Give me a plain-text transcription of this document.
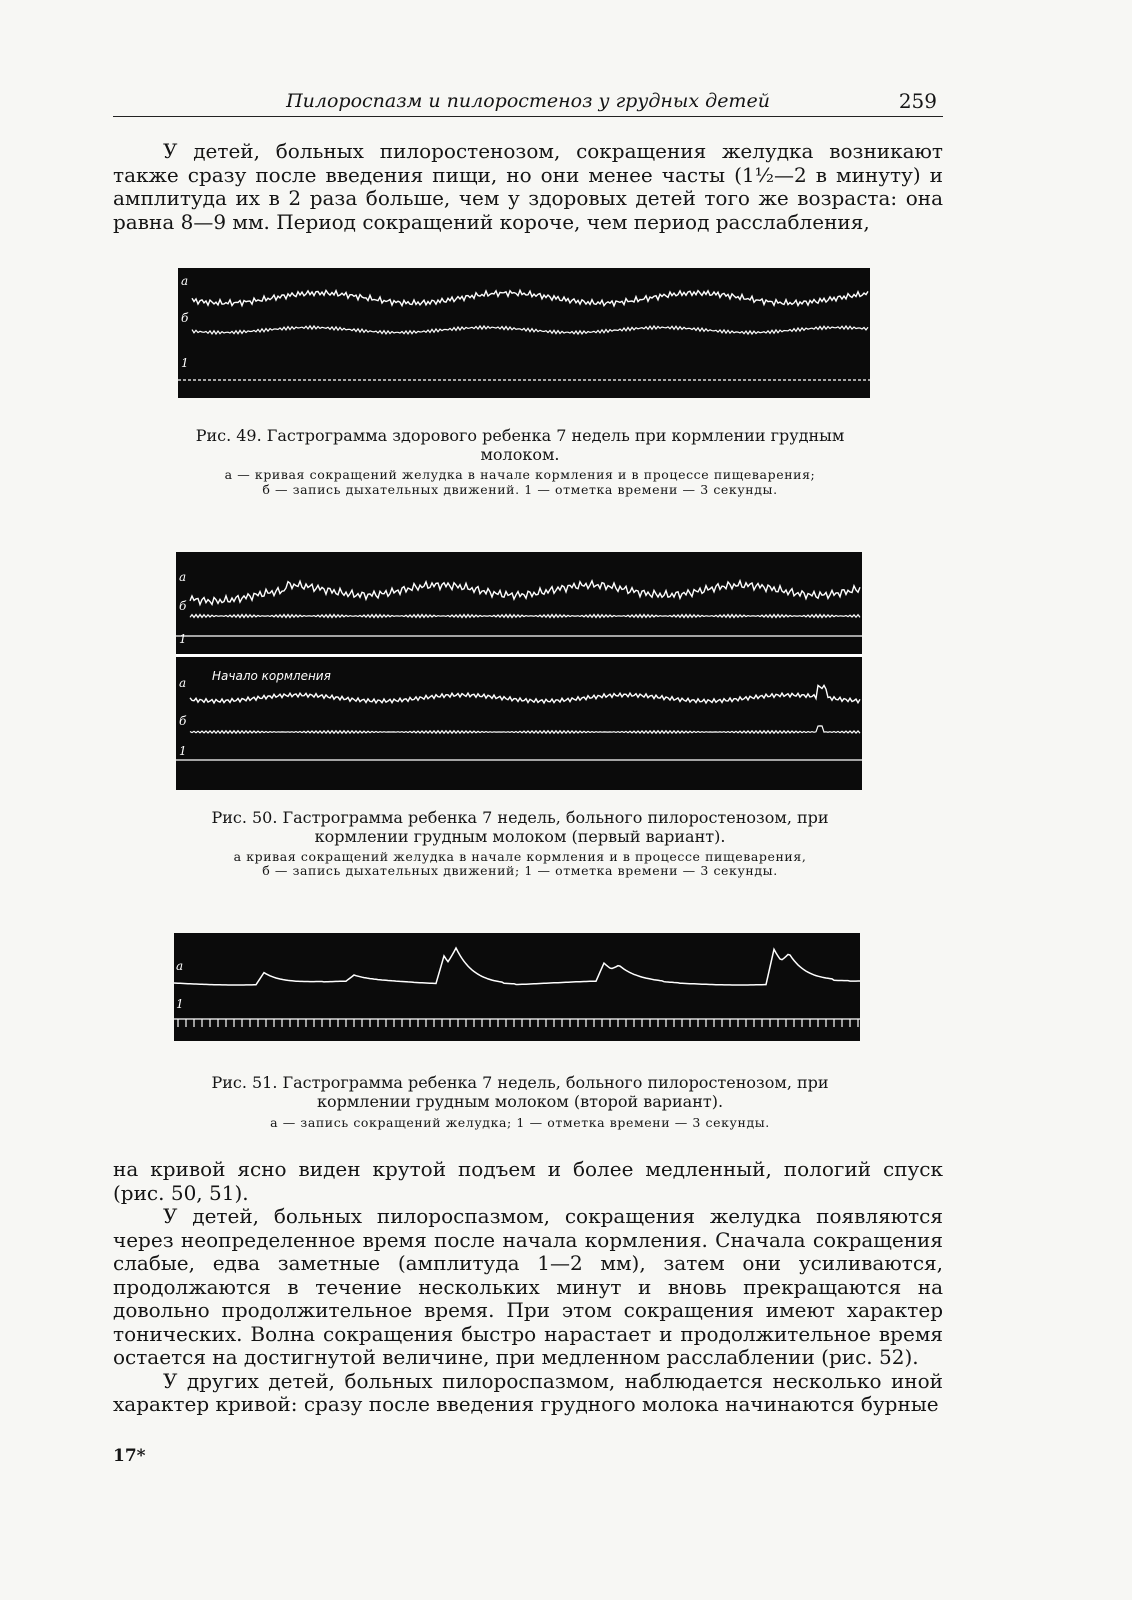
Пилороспазм и пилоростеноз у грудных детей	259

У детей, больных пилоростенозом, сокращения желудка возникают также сразу после введения пищи, но они менее часты (1½—2 в минуту) и амплитуда их в 2 раза больше, чем у здоровых детей того же возраста: она равна 8—9 мм. Период сокращений короче, чем период расслабления,

а
б
1
Рис. 49. Гастрограмма здорового ребенка 7 недель при кормлении грудным молоком.
а — кривая сокращений желудка в начале кормления и в процессе пищеварения;
б — запись дыхательных движений. 1 — отметка времени — 3 секунды.
а
б
1
а
б
1
Начало кормления
Рис. 50. Гастрограмма ребенка 7 недель, больного пилоростенозом, при кормлении грудным молоком (первый вариант).
а кривая сокращений желудка в начале кормления и в процессе пищеварения,
б — запись дыхательных движений; 1 — отметка времени — 3 секунды.
а
1
Рис. 51. Гастрограмма ребенка 7 недель, больного пилоростенозом, при кормлении грудным молоком (второй вариант).
а — запись сокращений желудка; 1 — отметка времени — 3 секунды.

на кривой ясно виден крутой подъем и более медленный, пологий спуск (рис. 50, 51).

У детей, больных пилороспазмом, сокращения желудка появляются через неопределенное время после начала кормления. Сначала сокращения слабые, едва заметные (амплитуда 1—2 мм), затем они усиливаются, продолжаются в течение нескольких минут и вновь прекращаются на довольно продолжительное время. При этом сокращения имеют характер тонических. Волна сокращения быстро нарастает и продолжительное время остается на достигнутой величине, при медленном расслаблении (рис. 52).

У других детей, больных пилороспазмом, наблюдается несколько иной характер кривой: сразу после введения грудного молока начинаются бурные

17*
